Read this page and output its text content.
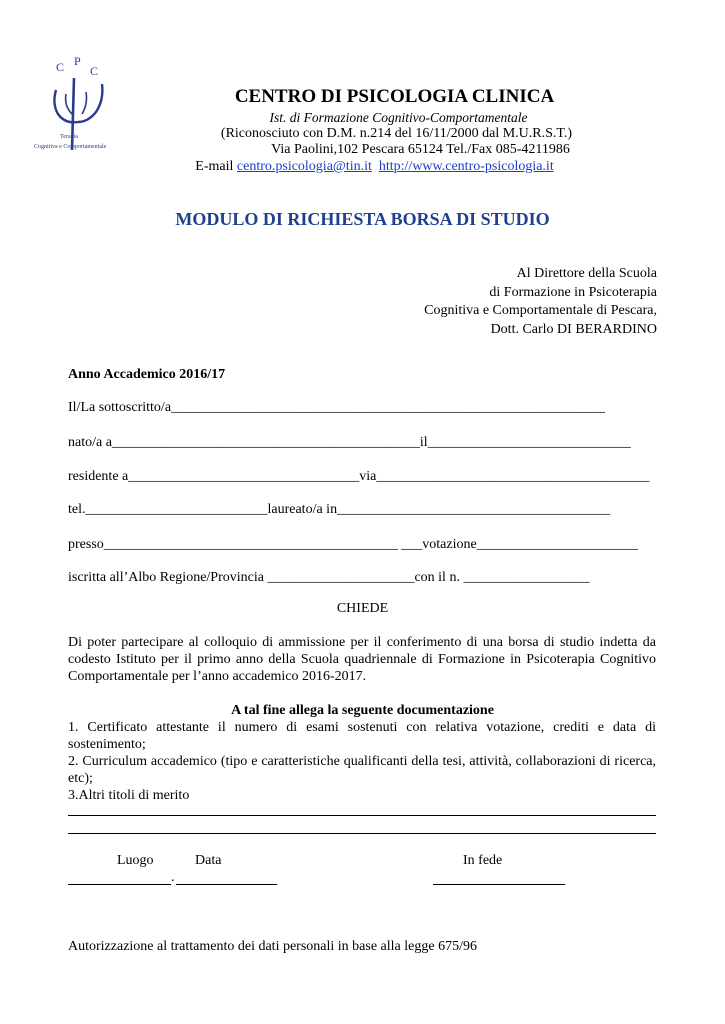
C P
C
Terapia
Cognitiva e Comportamentale
CENTRO DI PSICOLOGIA CLINICA
Ist. di Formazione Cognitivo-Comportamentale
(Riconosciuto con D.M. n.214 del 16/11/2000 dal M.U.R.S.T.)
Via Paolini,102 Pescara 65124 Tel./Fax 085-4211986
E-mail centro.psicologia@tin.it http://www.centro-psicologia.it
MODULO DI RICHIESTA BORSA DI STUDIO
Al Direttore della Scuola
di Formazione in Psicoterapia
Cognitiva e Comportamentale di Pescara,
Dott. Carlo DI BERARDINO
Anno Accademico 2016/17
Il/La sottoscritto/a______________________________________________________________
nato/a a____________________________________________il_____________________________
residente a_________________________________via_______________________________________
tel.__________________________laureato/a in_______________________________________
presso__________________________________________ ___votazione_______________________
iscritta all’Albo Regione/Provincia _____________________con il n. __________________
CHIEDE
Di poter partecipare al colloquio di ammissione per il conferimento di una borsa di studio indetta da codesto Istituto per il primo anno della Scuola quadriennale di Formazione in Psicoterapia Cognitivo Comportamentale per l’anno accademico 2016-2017.
A tal fine allega la seguente documentazione
1. Certificato attestante il numero di esami sostenuti con relativa votazione, crediti e data di sostenimento;
2. Curriculum accademico (tipo e caratteristiche qualificanti della tesi, attività, collaborazioni di ricerca, etc);
3.Altri titoli di merito
Luogo	Data	In fede
.
Autorizzazione al trattamento dei dati personali in base alla legge 675/96
